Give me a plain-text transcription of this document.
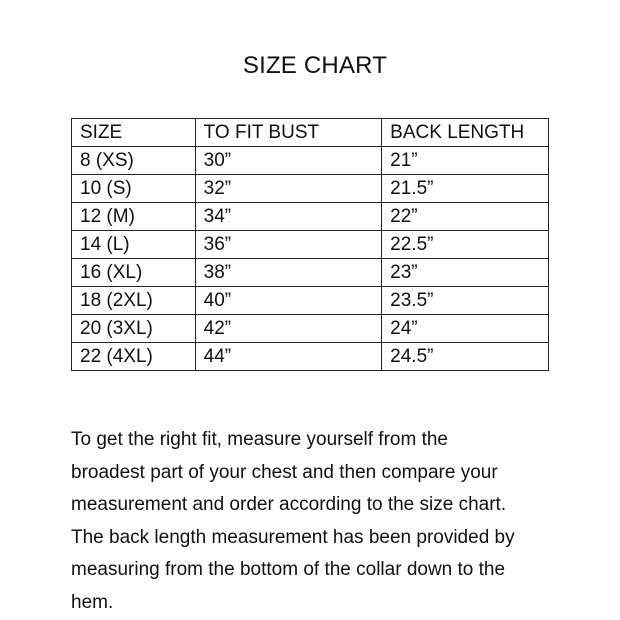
SIZE CHART
SIZE	TO FIT BUST	BACK LENGTH
8 (XS)	30”	21”
10 (S)	32”	21.5”
12 (M)	34”	22”
14 (L)	36”	22.5”
16 (XL)	38”	23”
18 (2XL)	40”	23.5”
20 (3XL)	42”	24”
22 (4XL)	44”	24.5”
To get the right fit, measure yourself from the
broadest part of your chest and then compare your
measurement and order according to the size chart.
The back length measurement has been provided by
measuring from the bottom of the collar down to the
hem.
